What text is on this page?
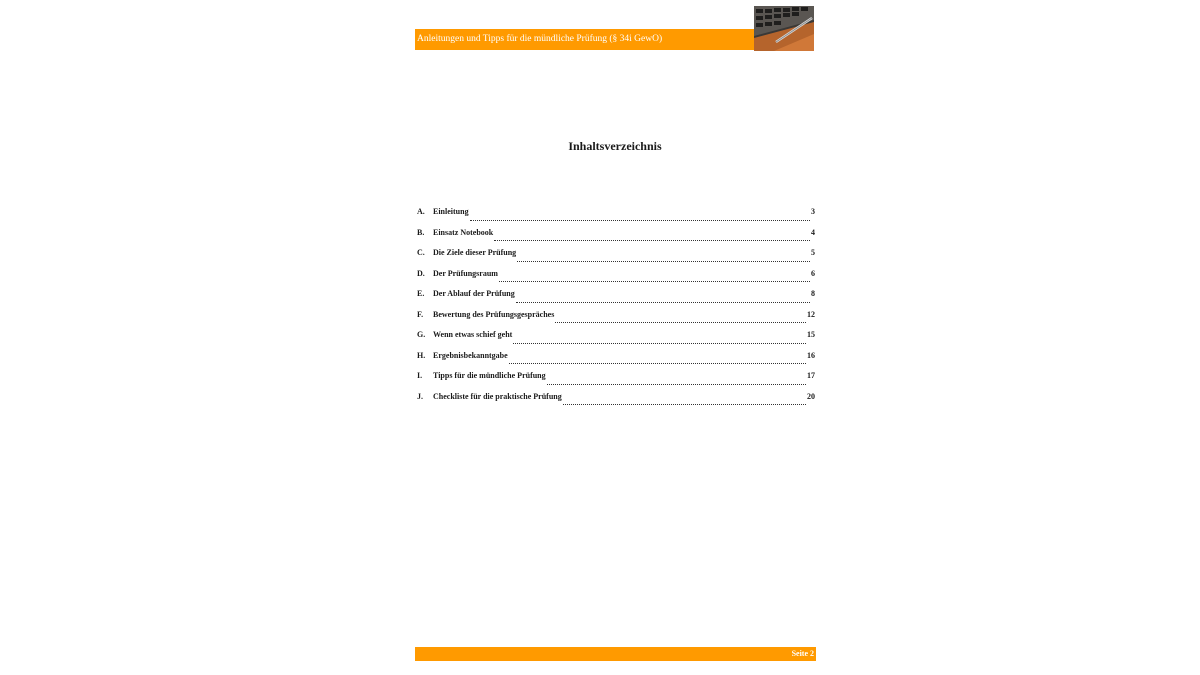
Anleitungen und Tipps für die mündliche Prüfung (§ 34i GewO)
Inhaltsverzeichnis
A.	Einleitung	3
B.	Einsatz Notebook	4
C.	Die Ziele dieser Prüfung	5
D.	Der Prüfungsraum	6
E.	Der Ablauf der Prüfung	8
F.	Bewertung des Prüfungsgespräches	12
G. Wenn etwas schief geht	15
H. Ergebnisbekanntgabe	16
I.	Tipps für die mündliche Prüfung	17
J.	Checkliste für die praktische Prüfung	20
Seite 2
